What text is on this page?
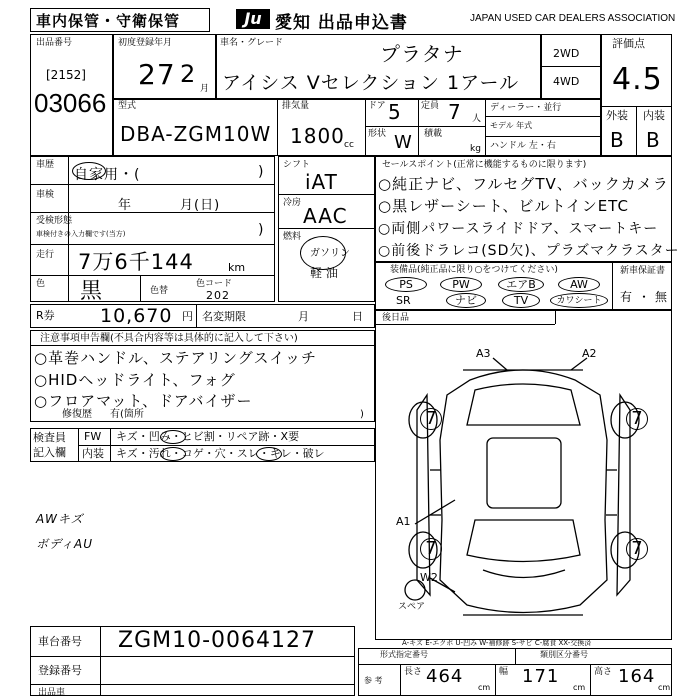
車内保管・守衛保管	Ju 愛知 出品申込書	JAPAN USED CAR DEALERS ASSOCIATION
出品番号
[2152]
03066
初度登録年月
27 2
月
車名・グレード	プラタナ
アイシス Vセレクション 1アール
2WD
4WD
評価点
4.5
外装 内装
B B
型式
DBA-ZGM10W
排気量
1800 cc
ドア 5 定員 7 人
形状 W 積載
kg
ディーラー・並行
モデル 年式
ハンドル 左・右
車歴
自家用・(	)
車検
年	月(日)
受検形態
車検付きの入力欄です(当方)	)
走行 7万6千144	km
色 黒	色替
色コード
202
シフト
iAT
冷房
AAC
燃料
ガソリン
軽 油
セールスポイント(正常に機能するものに限ります)
○純正ナビ、フルセグTV、バックカメラ
○黒レザーシート、ビルトインETC
○両側パワースライドドア、スマートキー
○前後ドラレコ(SD欠)、プラズマクラスター
装備品(純正品に限り○をつけてください)
PS	PW	エアB	AW
SR	ナビ	TV	カワシート
新車保証書
有 ・ 無
R券 10,670 円 名変期限	月	日
注意事項申告欄(不具合内容等は具体的に記入して下さい)
○革巻ハンドル、ステアリングスイッチ
○HIDヘッドライト、フォグ
○フロアマット、ドアバイザー
修復歴 有(箇所	)
検査員
記入欄
FW キズ・凹み・ヒビ割・リペア跡・X要
内装 キズ・汚れ・コゲ・穴・スレ・キレ・破レ
AWキズ
ボディAU
後日品
A3	A2
A1
W2
7	7
7	7
スペア
A-キズ E-エクボ U-凹み W-補修跡 S-サビ C-腐食 XX-交換済
車台番号 ZGM10-0064127
登録番号
出品車
形式指定番号	類別区分番号
参 考
長さ 464
cm
幅 171
cm
高さ 164
cm
